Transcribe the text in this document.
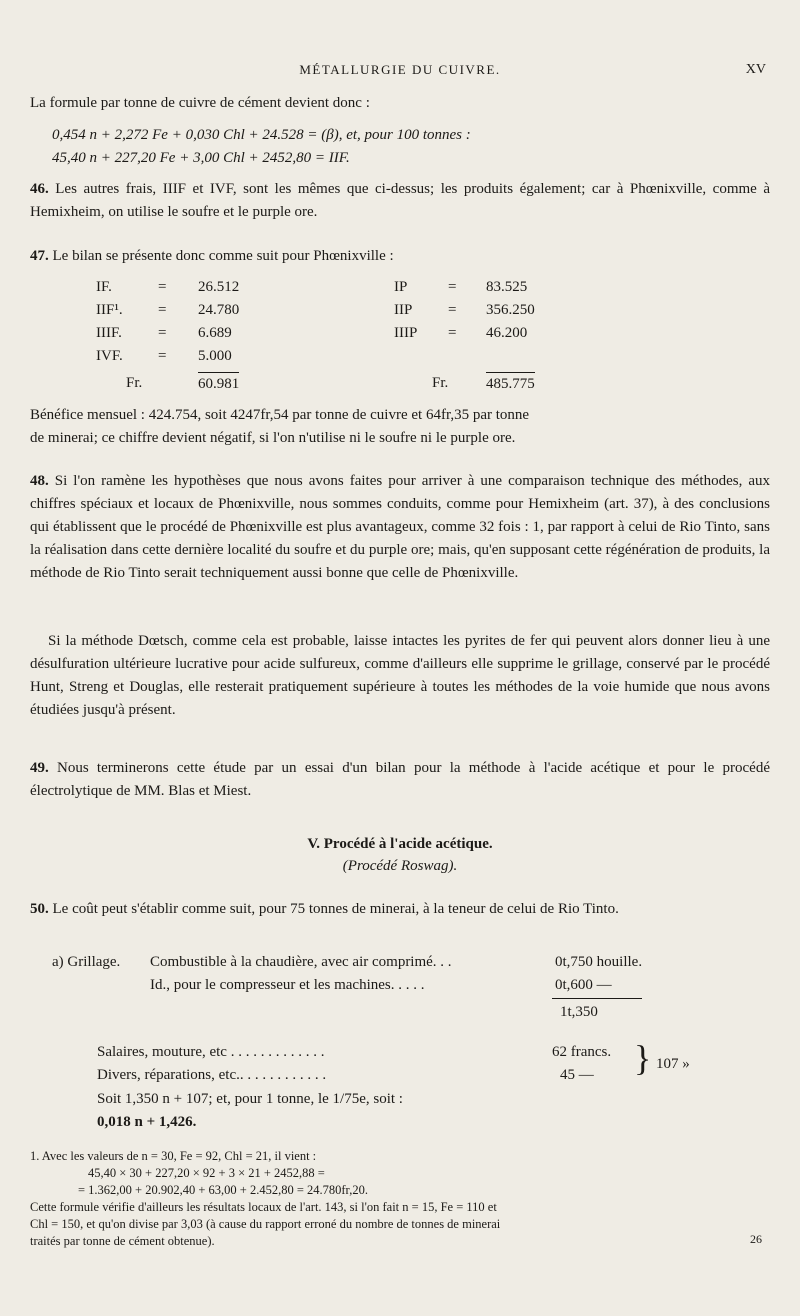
MÉTALLURGIE DU CUIVRE.	XV

La formule par tonne de cuivre de cément devient donc :

0,454 n + 2,272 Fe + 0,030 Chl + 24.528 = (β), et, pour 100 tonnes :

45,40 n + 227,20 Fe + 3,00 Chl + 2452,80 = IIF.

46. Les autres frais, IIIF et IVF, sont les mêmes que ci-dessus; les produits également; car à Phœnixville, comme à Hemixheim, on utilise le soufre et le purple ore.

47. Le bilan se présente donc comme suit pour Phœnixville :

IF.	= 26.512
IIF¹. = 24.780
IIIF. = 6.689
IVF. = 5.000
Fr.	60.981
IP	= 83.525
IIP = 356.250
IIIP = 46.200
Fr.	485.775

Bénéfice mensuel : 424.754, soit 4247fr,54 par tonne de cuivre et 64fr,35 par tonne

de minerai; ce chiffre devient négatif, si l'on n'utilise ni le soufre ni le purple ore.

48. Si l'on ramène les hypothèses que nous avons faites pour arriver à une comparaison technique des méthodes, aux chiffres spéciaux et locaux de Phœnixville, nous sommes conduits, comme pour Hemixheim (art. 37), à des conclusions qui établissent que le procédé de Phœnixville est plus avantageux, comme 32 fois : 1, par rapport à celui de Rio Tinto, sans la réalisation dans cette dernière localité du soufre et du purple ore; mais, qu'en supposant cette régénération de produits, la méthode de Rio Tinto serait techniquement aussi bonne que celle de Phœnixville.

Si la méthode Dœtsch, comme cela est probable, laisse intactes les pyrites de fer qui peuvent alors donner lieu à une désulfuration ultérieure lucrative pour acide sulfureux, comme d'ailleurs elle supprime le grillage, conservé par le procédé Hunt, Streng et Douglas, elle resterait pratiquement supérieure à toutes les méthodes de la voie humide que nous avons étudiées jusqu'à présent.

49. Nous terminerons cette étude par un essai d'un bilan pour la méthode à l'acide acétique et pour le procédé électrolytique de MM. Blas et Miest.

V. Procédé à l'acide acétique.
(Procédé Roswag).

50. Le coût peut s'établir comme suit, pour 75 tonnes de minerai, à la teneur de celui de Rio Tinto.

a) Grillage. Combustible à la chaudière, avec air comprimé. . .	0t,750 houille.
Id., pour le compresseur et les machines. . . . .	0t,600 —
1t,350
Salaires, mouture, etc . . . . . . . . . . . . .	62 francs.
Divers, réparations, etc.. . . . . . . . . . . .	45 — } 107 »
Soit 1,350 n + 107; et, pour 1 tonne, le 1/75e, soit :
0,018 n + 1,426.
1. Avec les valeurs de n = 30, Fe = 92, Chl = 21, il vient :
45,40 × 30 + 227,20 × 92 + 3 × 21 + 2452,88 =
= 1.362,00 + 20.902,40 + 63,00 + 2.452,80 = 24.780fr,20.
Cette formule vérifie d'ailleurs les résultats locaux de l'art. 143, si l'on fait n = 15, Fe = 110 et
Chl = 150, et qu'on divise par 3,03 (à cause du rapport erroné du nombre de tonnes de minerai
traités par tonne de cément obtenue).	26
